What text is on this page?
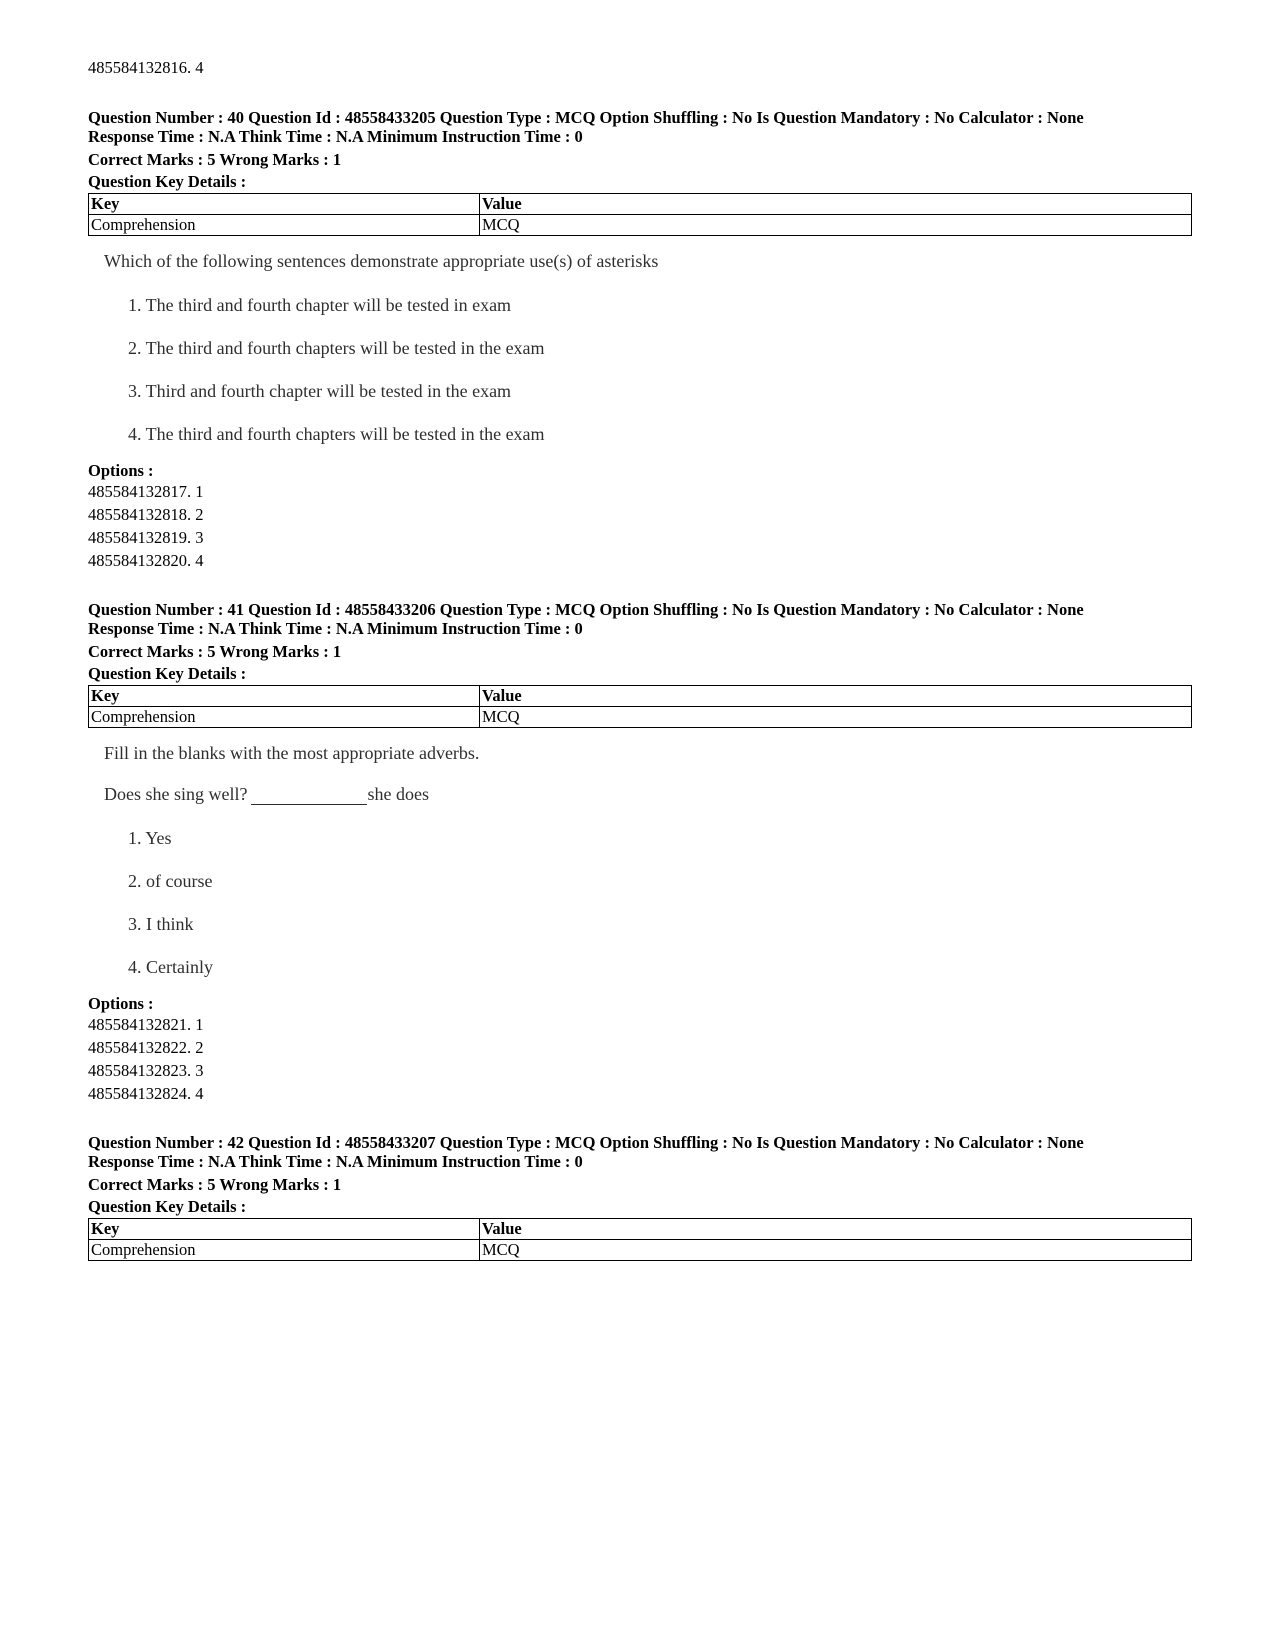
485584132816. 4

Question Number : 40 Question Id : 48558433205 Question Type : MCQ Option Shuffling : No Is Question Mandatory : No Calculator : None

Response Time : N.A Think Time : N.A Minimum Instruction Time : 0

Correct Marks : 5 Wrong Marks : 1

Question Key Details :

Key	Value
Comprehension	MCQ

Which of the following sentences demonstrate appropriate use(s) of asterisks

1. The third and fourth chapter will be tested in exam
2. The third and fourth chapters will be tested in the exam
3. Third and fourth chapter will be tested in the exam
4. The third and fourth chapters will be tested in the exam

Options :

485584132817. 1

485584132818. 2

485584132819. 3

485584132820. 4

Question Number : 41 Question Id : 48558433206 Question Type : MCQ Option Shuffling : No Is Question Mandatory : No Calculator : None

Response Time : N.A Think Time : N.A Minimum Instruction Time : 0

Correct Marks : 5 Wrong Marks : 1

Question Key Details :

Key	Value
Comprehension	MCQ

Fill in the blanks with the most appropriate adverbs.

Does she sing well?	she does

1. Yes
2. of course
3. I think
4. Certainly

Options :

485584132821. 1

485584132822. 2

485584132823. 3

485584132824. 4

Question Number : 42 Question Id : 48558433207 Question Type : MCQ Option Shuffling : No Is Question Mandatory : No Calculator : None

Response Time : N.A Think Time : N.A Minimum Instruction Time : 0

Correct Marks : 5 Wrong Marks : 1

Question Key Details :

Key	Value
Comprehension	MCQ
